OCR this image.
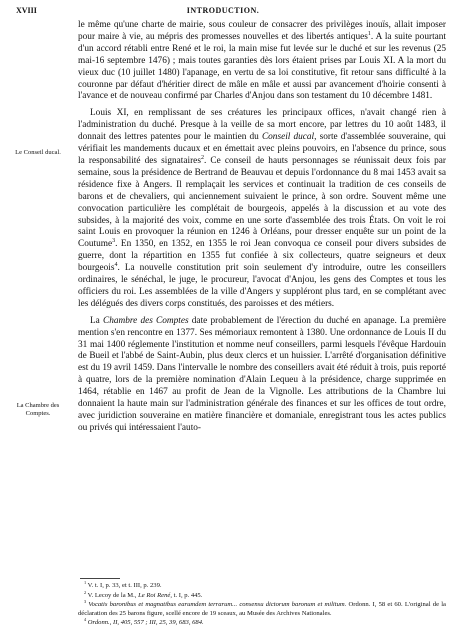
XVIII	INTRODUCTION.
Le Conseil ducal.
La Chambre des Comptes.

le même qu'une charte de mairie, sous couleur de consacrer des privilèges inouïs, allait imposer pour maire à vie, au mépris des promesses nouvelles et des libertés antiques$^1$. A la suite pourtant d'un accord rétabli entre René et le roi, la main mise fut levée sur le duché et sur les revenus (25 mai-16 septembre 1476) ; mais toutes garanties dès lors étaient prises par Louis XI. A la mort du vieux duc (10 juillet 1480) l'apanage, en vertu de sa loi constitutive, fit retour sans difficulté à la couronne par défaut d'héritier direct de mâle en mâle et aussi par avancement d'hoirie consenti à l'avance et de nouveau confirmé par Charles d'Anjou dans son testament du 10 décembre 1481.

Louis XI, en remplissant de ses créatures les principaux offices, n'avait changé rien à l'administration du duché. Presque à la veille de sa mort encore, par lettres du 10 août 1483, il donnait des lettres patentes pour le maintien du Conseil ducal, sorte d'assemblée souveraine, qui vérifiait les mandements ducaux et en émettait avec pleins pouvoirs, en l'absence du prince, sous la responsabilité des signataires$^2$. Ce conseil de hauts personnages se réunissait deux fois par semaine, sous la présidence de Bertrand de Beauvau et depuis l'ordonnance du 8 mai 1453 avait sa résidence fixe à Angers. Il remplaçait les services et continuait la tradition de ces conseils de barons et de chevaliers, qui anciennement suivaient le prince, à son ordre. Souvent même une convocation particulière les complétait de bourgeois, appelés à la discussion et au vote des subsides, à la majorité des voix, comme en une sorte d'assemblée des trois États. On voit le roi saint Louis en provoquer la réunion en 1246 à Orléans, pour dresser enquête sur un point de la Coutume$^3$. En 1350, en 1352, en 1355 le roi Jean convoqua ce conseil pour divers subsides de guerre, dont la répartition en 1355 fut confiée à six collecteurs, quatre seigneurs et deux bourgeois$^4$. La nouvelle constitution prit soin seulement d'y introduire, outre les conseillers ordinaires, le sénéchal, le juge, le procureur, l'avocat d'Anjou, les gens des Comptes et tous les officiers du roi. Les assemblées de la ville d'Angers y suppléront plus tard, en se complétant avec les délégués des divers corps constitués, des paroisses et des métiers.

La Chambre des Comptes date probablement de l'érection du duché en apanage. La première mention s'en rencontre en 1377. Ses mémoriaux remontent à 1380. Une ordonnance de Louis II du 31 mai 1400 réglemente l'institution et nomme neuf conseillers, parmi lesquels l'évêque Hardouin de Bueil et l'abbé de Saint-Aubin, plus deux clercs et un huissier. L'arrêté d'organisation définitive est du 19 avril 1459. Dans l'intervalle le nombre des conseillers avait été réduit à trois, puis reporté à quatre, lors de la première nomination d'Alain Lequeu à la présidence, charge supprimée en 1464, rétablie en 1467 au profit de Jean de la Vignolle. Les attributions de la Chambre lui donnaient la haute main sur l'administration générale des finances et sur les offices de tout ordre, avec juridiction souveraine en matière financière et domaniale, enregistrant tous les actes publics ou privés qui intéressaient l'auto-

$^1$ V. t. I, p. 33, et t. III, p. 239.

$^2$ V. Lecoy de la M., Le Roi René, t. I, p. 445.

$^3$ Vocatis baronibus et magnatibus earumdem terrarum... consensu dictorum baronum et militum. Ordonn. I, 58 et 60. L'original de la déclaration des 25 barons figure, scellé encore de 19 sceaux, au Musée des Archives Nationales.

$^4$ Ordonn., II, 405, 557 ; III, 25, 39, 683, 684.
